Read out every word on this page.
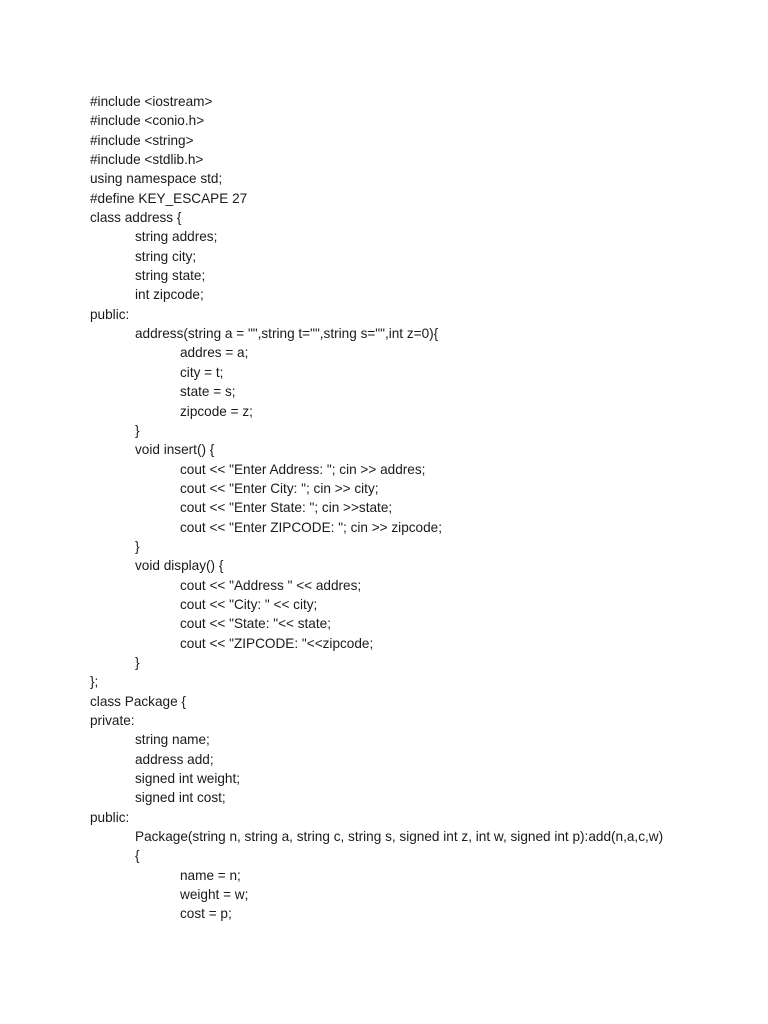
#include <iostream>
#include <conio.h>
#include <string>
#include <stdlib.h>
using namespace std;
#define KEY_ESCAPE 27
class address {
string addres;
string city;
string state;
int zipcode;
public:
address(string a = "",string t="",string s="",int z=0){
addres = a;
city = t;
state = s;
zipcode = z;
}
void insert() {
cout << "Enter Address: "; cin >> addres;
cout << "Enter City: "; cin >> city;
cout << "Enter State: "; cin >>state;
cout << "Enter ZIPCODE: "; cin >> zipcode;
}
void display() {
cout << "Address " << addres;
cout << "City: " << city;
cout << "State: "<< state;
cout << "ZIPCODE: "<<zipcode;
}
};
class Package {
private:
string name;
address add;
signed int weight;
signed int cost;
public:
Package(string n, string a, string c, string s, signed int z, int w, signed int p):add(n,a,c,w)
{
name = n;
weight = w;
cost = p;
